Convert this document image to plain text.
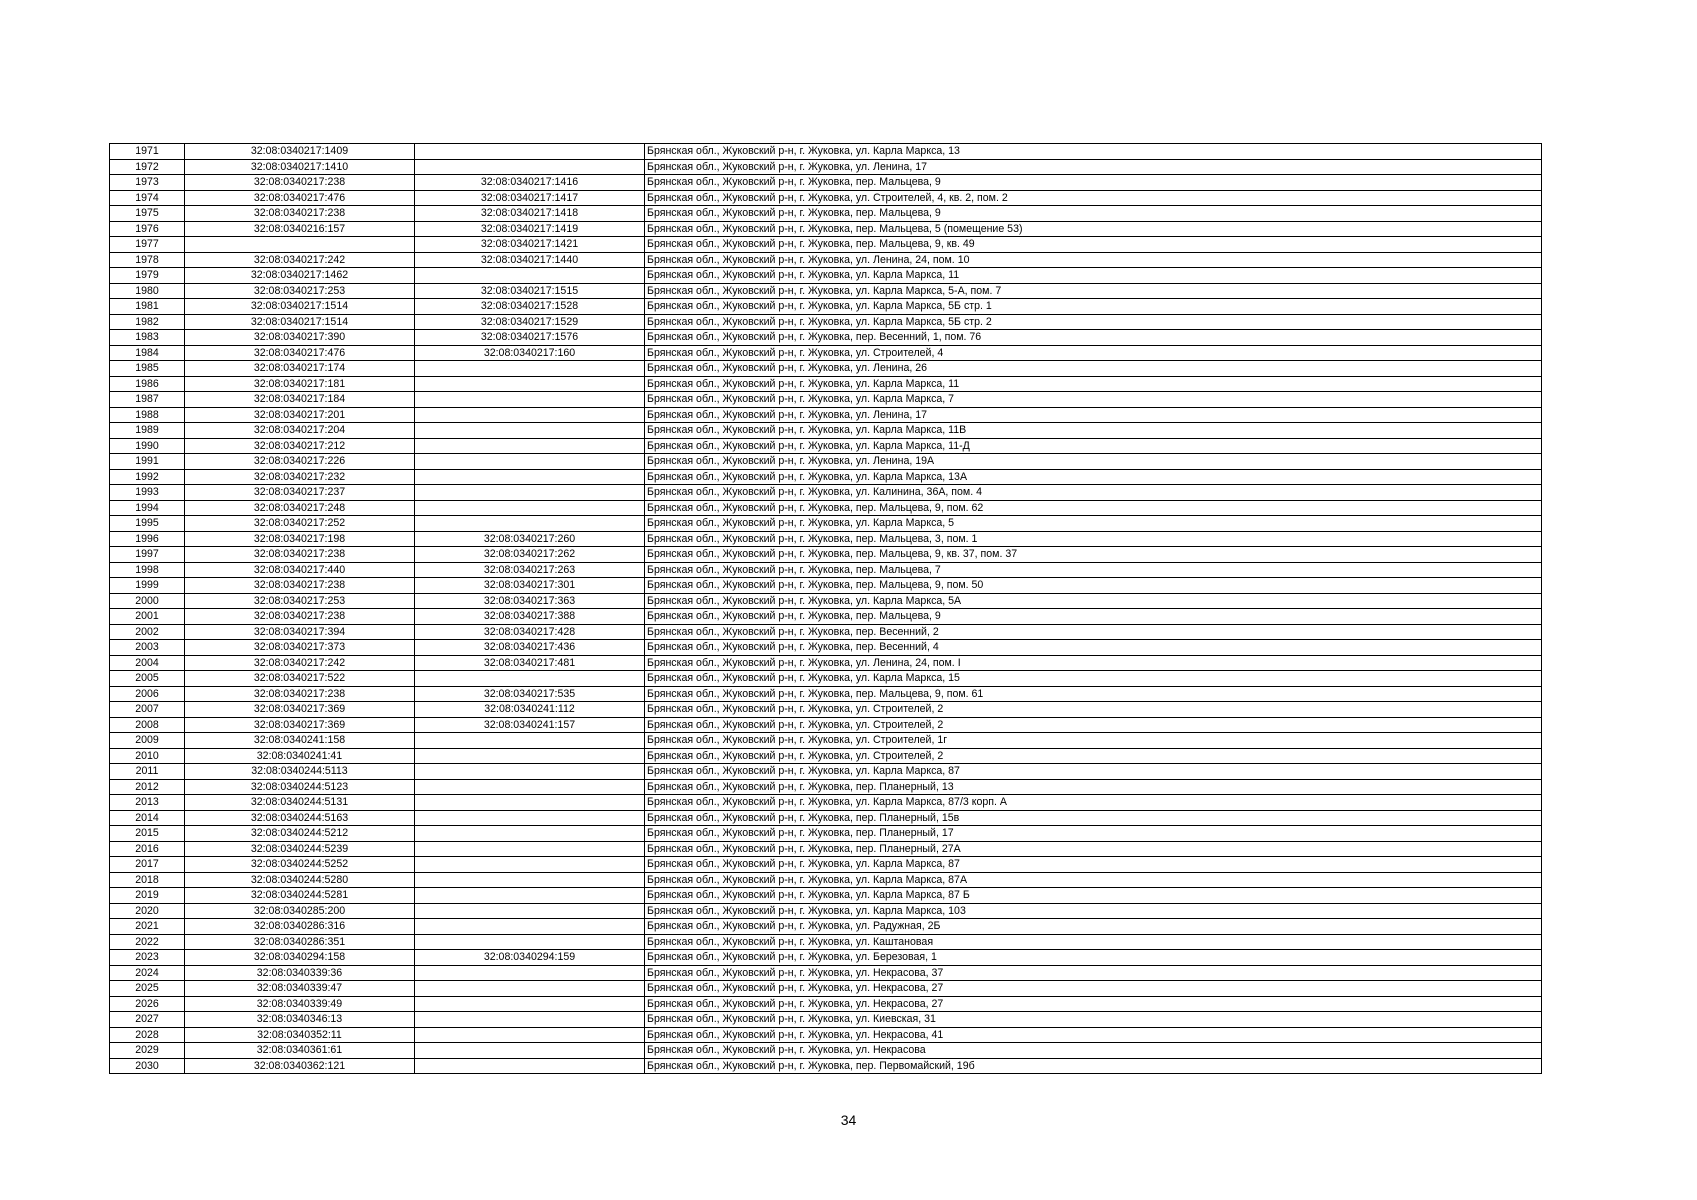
1971	32:08:0340217:1409		Брянская обл., Жуковский р-н, г. Жуковка, ул. Карла Маркса, 13
1972	32:08:0340217:1410		Брянская обл., Жуковский р-н, г. Жуковка, ул. Ленина, 17
1973	32:08:0340217:238	32:08:0340217:1416	Брянская обл., Жуковский р-н, г. Жуковка, пер. Мальцева, 9
1974	32:08:0340217:476	32:08:0340217:1417	Брянская обл., Жуковский р-н, г. Жуковка, ул. Строителей, 4, кв. 2, пом. 2
1975	32:08:0340217:238	32:08:0340217:1418	Брянская обл., Жуковский р-н, г. Жуковка, пер. Мальцева, 9
1976	32:08:0340216:157	32:08:0340217:1419	Брянская обл., Жуковский р-н, г. Жуковка, пер. Мальцева, 5 (помещение 53)
1977		32:08:0340217:1421	Брянская обл., Жуковский р-н, г. Жуковка, пер. Мальцева, 9, кв. 49
1978	32:08:0340217:242	32:08:0340217:1440	Брянская обл., Жуковский р-н, г. Жуковка, ул. Ленина, 24, пом. 10
1979	32:08:0340217:1462		Брянская обл., Жуковский р-н, г. Жуковка, ул. Карла Маркса, 11
1980	32:08:0340217:253	32:08:0340217:1515	Брянская обл., Жуковский р-н, г. Жуковка, ул. Карла Маркса, 5-А, пом. 7
1981	32:08:0340217:1514	32:08:0340217:1528	Брянская обл., Жуковский р-н, г. Жуковка, ул. Карла Маркса, 5Б стр. 1
1982	32:08:0340217:1514	32:08:0340217:1529	Брянская обл., Жуковский р-н, г. Жуковка, ул. Карла Маркса, 5Б стр. 2
1983	32:08:0340217:390	32:08:0340217:1576	Брянская обл., Жуковский р-н, г. Жуковка, пер. Весенний, 1, пом. 76
1984	32:08:0340217:476	32:08:0340217:160	Брянская обл., Жуковский р-н, г. Жуковка, ул. Строителей, 4
1985	32:08:0340217:174		Брянская обл., Жуковский р-н, г. Жуковка, ул. Ленина, 26
1986	32:08:0340217:181		Брянская обл., Жуковский р-н, г. Жуковка, ул. Карла Маркса, 11
1987	32:08:0340217:184		Брянская обл., Жуковский р-н, г. Жуковка, ул. Карла Маркса, 7
1988	32:08:0340217:201		Брянская обл., Жуковский р-н, г. Жуковка, ул. Ленина, 17
1989	32:08:0340217:204		Брянская обл., Жуковский р-н, г. Жуковка, ул. Карла Маркса, 11В
1990	32:08:0340217:212		Брянская обл., Жуковский р-н, г. Жуковка, ул. Карла Маркса, 11-Д
1991	32:08:0340217:226		Брянская обл., Жуковский р-н, г. Жуковка, ул. Ленина, 19А
1992	32:08:0340217:232		Брянская обл., Жуковский р-н, г. Жуковка, ул. Карла Маркса, 13А
1993	32:08:0340217:237		Брянская обл., Жуковский р-н, г. Жуковка, ул. Калинина, 36А, пом. 4
1994	32:08:0340217:248		Брянская обл., Жуковский р-н, г. Жуковка, пер. Мальцева, 9, пом. 62
1995	32:08:0340217:252		Брянская обл., Жуковский р-н, г. Жуковка, ул. Карла Маркса, 5
1996	32:08:0340217:198	32:08:0340217:260	Брянская обл., Жуковский р-н, г. Жуковка, пер. Мальцева, 3, пом. 1
1997	32:08:0340217:238	32:08:0340217:262	Брянская обл., Жуковский р-н, г. Жуковка, пер. Мальцева, 9, кв. 37, пом. 37
1998	32:08:0340217:440	32:08:0340217:263	Брянская обл., Жуковский р-н, г. Жуковка, пер. Мальцева, 7
1999	32:08:0340217:238	32:08:0340217:301	Брянская обл., Жуковский р-н, г. Жуковка, пер. Мальцева, 9, пом. 50
2000	32:08:0340217:253	32:08:0340217:363	Брянская обл., Жуковский р-н, г. Жуковка, ул. Карла Маркса, 5А
2001	32:08:0340217:238	32:08:0340217:388	Брянская обл., Жуковский р-н, г. Жуковка, пер. Мальцева, 9
2002	32:08:0340217:394	32:08:0340217:428	Брянская обл., Жуковский р-н, г. Жуковка, пер. Весенний, 2
2003	32:08:0340217:373	32:08:0340217:436	Брянская обл., Жуковский р-н, г. Жуковка, пер. Весенний, 4
2004	32:08:0340217:242	32:08:0340217:481	Брянская обл., Жуковский р-н, г. Жуковка, ул. Ленина, 24, пом. I
2005	32:08:0340217:522		Брянская обл., Жуковский р-н, г. Жуковка, ул. Карла Маркса, 15
2006	32:08:0340217:238	32:08:0340217:535	Брянская обл., Жуковский р-н, г. Жуковка, пер. Мальцева, 9, пом. 61
2007	32:08:0340217:369	32:08:0340241:112	Брянская обл., Жуковский р-н, г. Жуковка, ул. Строителей, 2
2008	32:08:0340217:369	32:08:0340241:157	Брянская обл., Жуковский р-н, г. Жуковка, ул. Строителей, 2
2009	32:08:0340241:158		Брянская обл., Жуковский р-н, г. Жуковка, ул. Строителей, 1г
2010	32:08:0340241:41		Брянская обл., Жуковский р-н, г. Жуковка, ул. Строителей, 2
2011	32:08:0340244:5113		Брянская обл., Жуковский р-н, г. Жуковка, ул. Карла Маркса, 87
2012	32:08:0340244:5123		Брянская обл., Жуковский р-н, г. Жуковка, пер. Планерный, 13
2013	32:08:0340244:5131		Брянская обл., Жуковский р-н, г. Жуковка, ул. Карла Маркса, 87/3 корп. А
2014	32:08:0340244:5163		Брянская обл., Жуковский р-н, г. Жуковка, пер. Планерный, 15в
2015	32:08:0340244:5212		Брянская обл., Жуковский р-н, г. Жуковка, пер. Планерный, 17
2016	32:08:0340244:5239		Брянская обл., Жуковский р-н, г. Жуковка, пер. Планерный, 27А
2017	32:08:0340244:5252		Брянская обл., Жуковский р-н, г. Жуковка, ул. Карла Маркса, 87
2018	32:08:0340244:5280		Брянская обл., Жуковский р-н, г. Жуковка, ул. Карла Маркса, 87А
2019	32:08:0340244:5281		Брянская обл., Жуковский р-н, г. Жуковка, ул. Карла Маркса, 87 Б
2020	32:08:0340285:200		Брянская обл., Жуковский р-н, г. Жуковка, ул. Карла Маркса, 103
2021	32:08:0340286:316		Брянская обл., Жуковский р-н, г. Жуковка, ул. Радужная, 2Б
2022	32:08:0340286:351		Брянская обл., Жуковский р-н, г. Жуковка, ул. Каштановая
2023	32:08:0340294:158	32:08:0340294:159	Брянская обл., Жуковский р-н, г. Жуковка, ул. Березовая, 1
2024	32:08:0340339:36		Брянская обл., Жуковский р-н, г. Жуковка, ул. Некрасова, 37
2025	32:08:0340339:47		Брянская обл., Жуковский р-н, г. Жуковка, ул. Некрасова, 27
2026	32:08:0340339:49		Брянская обл., Жуковский р-н, г. Жуковка, ул. Некрасова, 27
2027	32:08:0340346:13		Брянская обл., Жуковский р-н, г. Жуковка, ул. Киевская, 31
2028	32:08:0340352:11		Брянская обл., Жуковский р-н, г. Жуковка, ул. Некрасова, 41
2029	32:08:0340361:61		Брянская обл., Жуковский р-н, г. Жуковка, ул. Некрасова
2030	32:08:0340362:121		Брянская обл., Жуковский р-н, г. Жуковка, пер. Первомайский, 19б
34
